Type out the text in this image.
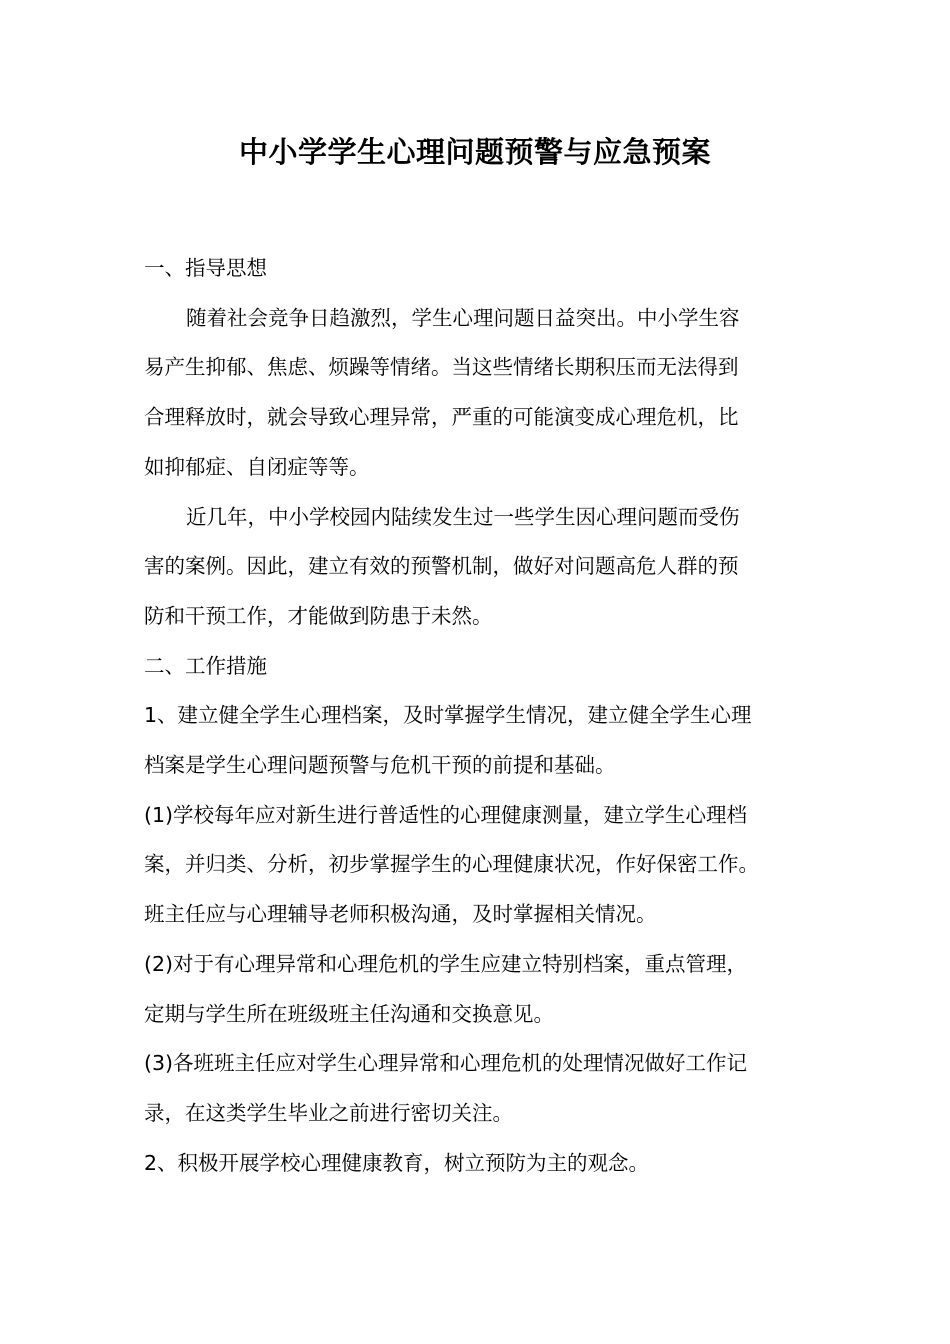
中小学学生心理问题预警与应急预案

一、指导思想

随着社会竞争日趋激烈，学生心理问题日益突出。中小学生容

易产生抑郁、焦虑、烦躁等情绪。当这些情绪长期积压而无法得到

合理释放时，就会导致心理异常，严重的可能演变成心理危机，比

如抑郁症、自闭症等等。

近几年，中小学校园内陆续发生过一些学生因心理问题而受伤

害的案例。因此，建立有效的预警机制，做好对问题高危人群的预

防和干预工作，才能做到防患于未然。

二、工作措施

1、建立健全学生心理档案，及时掌握学生情况，建立健全学生心理

档案是学生心理问题预警与危机干预的前提和基础。

(1)学校每年应对新生进行普适性的心理健康测量，建立学生心理档

案，并归类、分析，初步掌握学生的心理健康状况，作好保密工作。

班主任应与心理辅导老师积极沟通，及时掌握相关情况。

(2)对于有心理异常和心理危机的学生应建立特别档案，重点管理，

定期与学生所在班级班主任沟通和交换意见。

(3)各班班主任应对学生心理异常和心理危机的处理情况做好工作记

录，在这类学生毕业之前进行密切关注。

2、积极开展学校心理健康教育，树立预防为主的观念。
